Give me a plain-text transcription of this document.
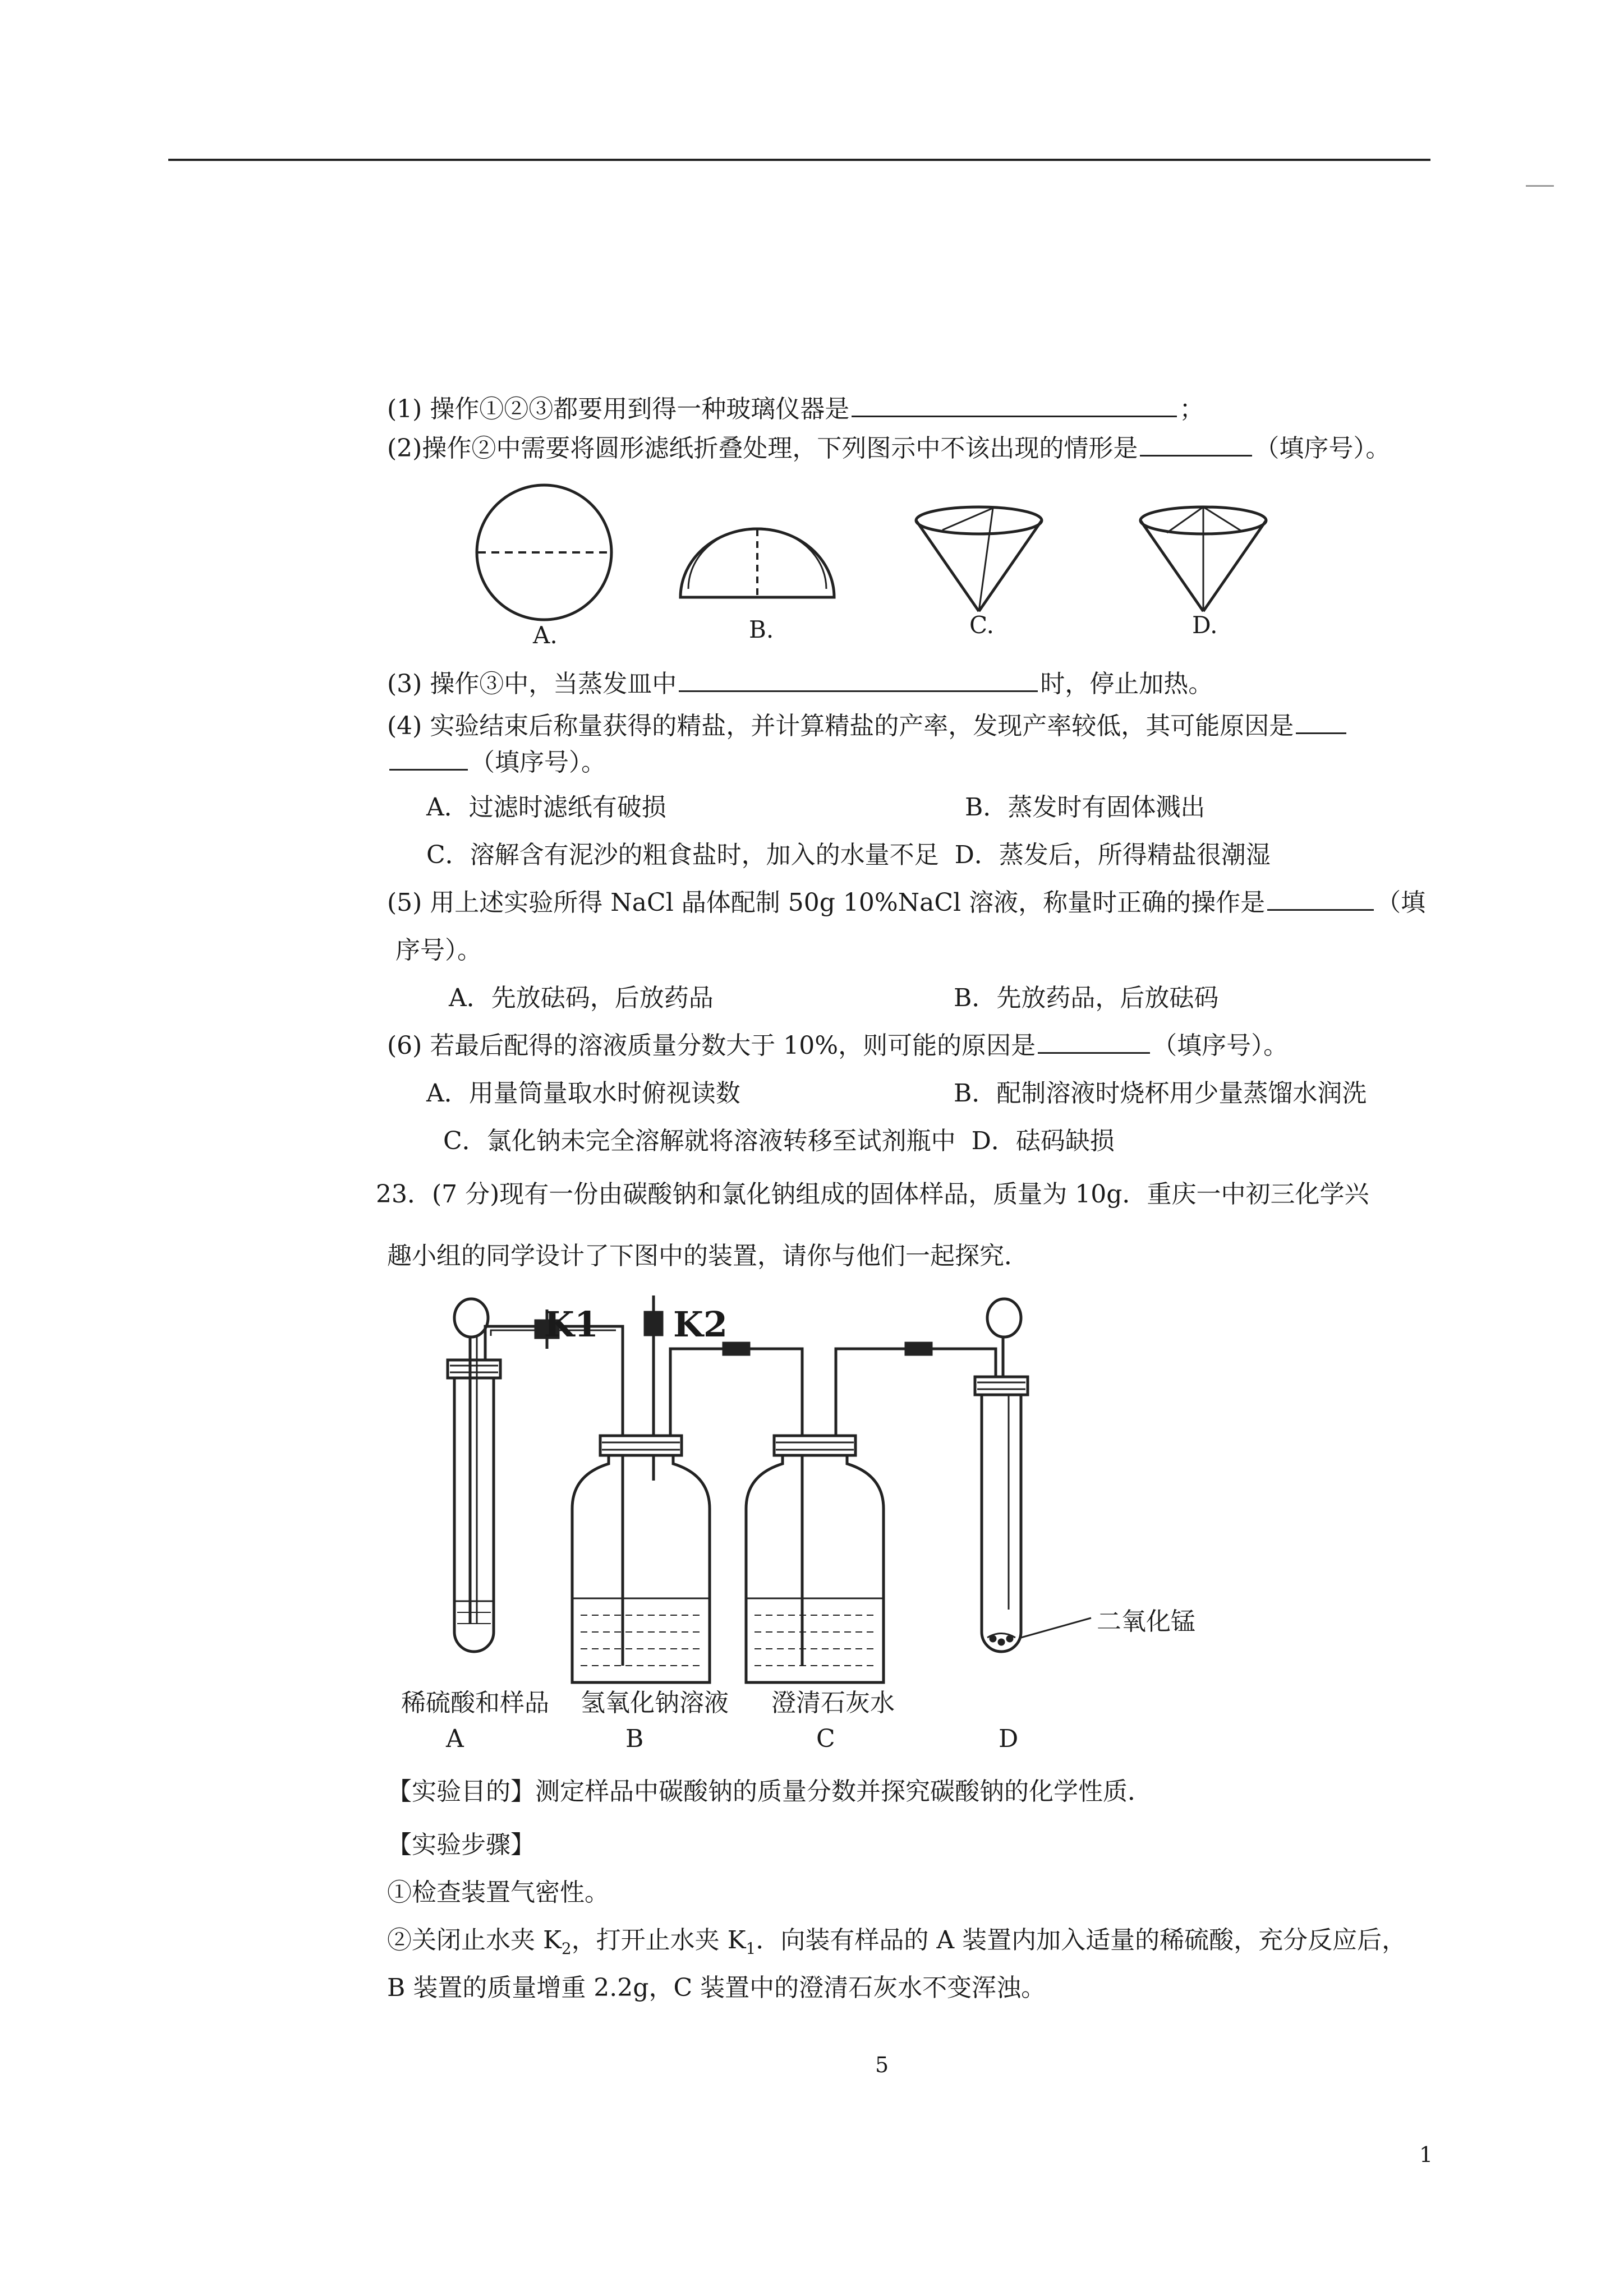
(1) 操作①②③都要用到得一种玻璃仪器是	；
(2)操作②中需要将圆形滤纸折叠处理，下列图示中不该出现的情形是	（填序号）。
A.	B.	C.	D.
(3) 操作③中，当蒸发皿中	时，停止加热。
(4) 实验结束后称量获得的精盐，并计算精盐的产率，发现产率较低，其可能原因是
（填序号）。
A．过滤时滤纸有破损	B．蒸发时有固体溅出
C．溶解含有泥沙的粗食盐时，加入的水量不足 D．蒸发后，所得精盐很潮湿
(5) 用上述实验所得 NaCl 晶体配制 50g 10%NaCl 溶液，称量时正确的操作是	（填
序号）。
A．先放砝码，后放药品	B．先放药品，后放砝码
(6) 若最后配得的溶液质量分数大于 10%，则可能的原因是	（填序号）。
A．用量筒量取水时俯视读数	B．配制溶液时烧杯用少量蒸馏水润洗
C．氯化钠未完全溶解就将溶液转移至试剂瓶中 D．砝码缺损
23．(7 分)现有一份由碳酸钠和氯化钠组成的固体样品，质量为 10g．重庆一中初三化学兴
趣小组的同学设计了下图中的装置，请你与他们一起探究．
K1 K2
二氧化锰
稀硫酸和样品
A
氢氧化钠溶液
B
澄清石灰水
C	D
【实验目的】测定样品中碳酸钠的质量分数并探究碳酸钠的化学性质．
【实验步骤】
①检查装置气密性。
②关闭止水夹 $K_2$，打开止水夹 $K_1$．向装有样品的 A 装置内加入适量的稀硫酸，充分反应后，
B 装置的质量增重 2.2g，C 装置中的澄清石灰水不变浑浊。
5
1
